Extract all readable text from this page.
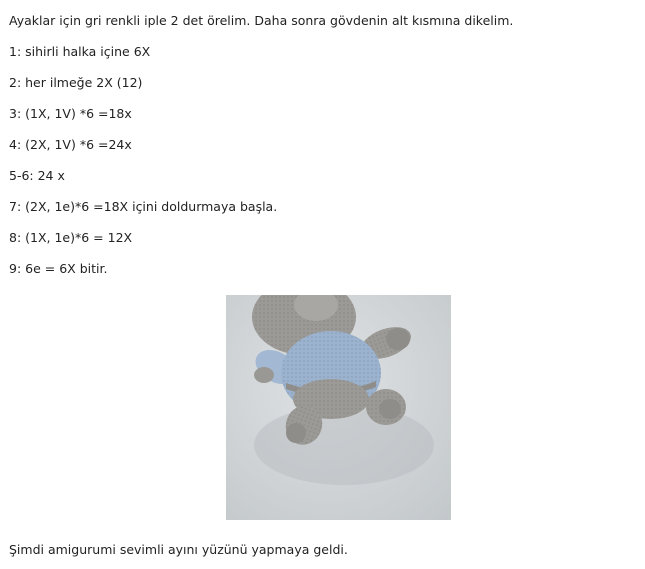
Ayaklar için gri renkli iple 2 det örelim. Daha sonra gövdenin alt kısmına dikelim.

1: sihirli halka içine 6X

2: her ilmeğe 2X (12)

3: (1X, 1V) *6 =18x

4: (2X, 1V) *6 =24x

5-6: 24 x

7: (2X, 1e)*6 =18X içini doldurmaya başla.

8: (1X, 1e)*6 = 12X

9: 6e = 6X bitir.

Şimdi amigurumi sevimli ayını yüzünü yapmaya geldi.
